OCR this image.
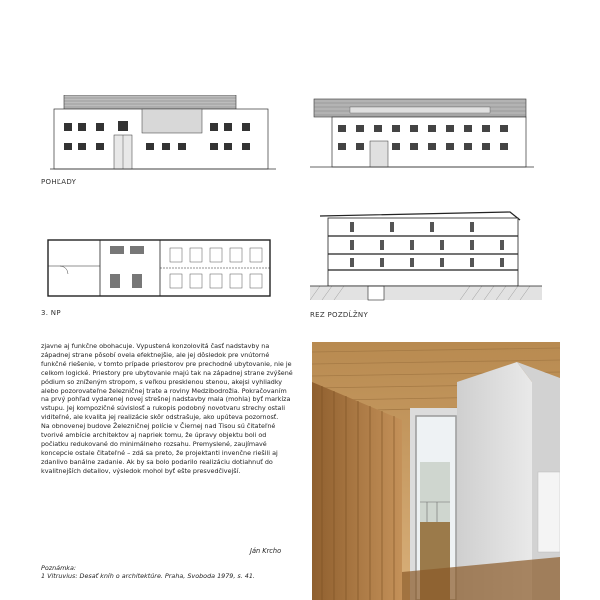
POHĽADY
3. NP	REZ POZDĹŽNY

zjavne aj funkčne obohacuje. Vypustená konzolovitá časť nadstavby na západnej strane pôsobí ovela efektnejšie, ale jej dôsledok pre vnútorné funkčné riešenie, v tomto prípade priestorov pre prechodné ubytovanie, nie je celkom logické. Priestory pre ubytovanie majú tak na západnej strane zvýšené pódium so zníženým stropom, s veľkou presklenou stenou, akejsi vyhliadky alebo pozorovateľne železničnej trate a roviny Medzibodrožia. Pokračovaním na prvý pohľad vydarenej novej strešnej nadstavby mala (mohla) byť markíza vstupu. Jej kompozičné súvislosť a rukopis podobný novotvaru strechy ostali viditeľné, ale kvalita jej realizácie skôr odstrašuje, ako upúteva pozornosť.

Na obnovenej budove Železničnej polície v Čiernej nad Tisou sú čitateľné tvorivé ambície architektov aj napriek tomu, že úpravy objektu boli od počiatku redukované do minimálneho rozsahu. Premyslené, zaujímavé koncepcie ostale čitateľné – zdá sa preto, že projektanti invenčne riešili aj zdanlivo banálne zadanie. Ak by sa bolo podarilo realizáciu dotiahnuť do kvalitnejších detailov, výsledok mohol byť ešte presvedčivejší.

Ján Krcho
Poznámka:
1 Vitruvius: Desať kníh o architektúre. Praha, Svoboda 1979, s. 41.
